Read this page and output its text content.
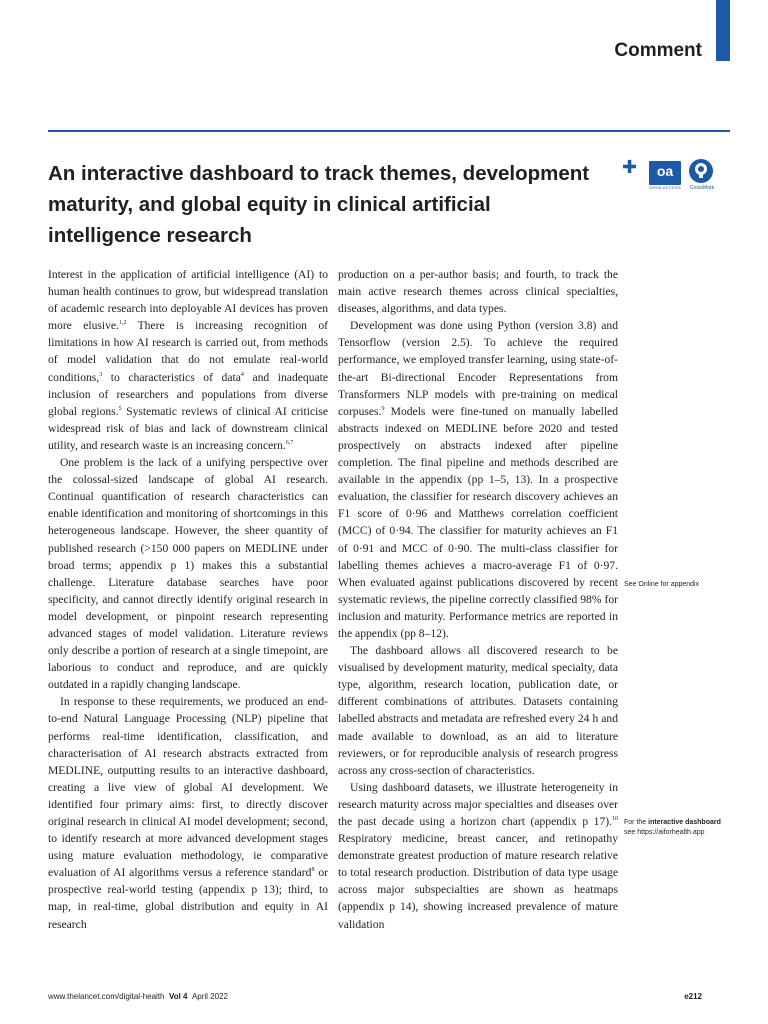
Comment
An interactive dashboard to track themes, development maturity, and global equity in clinical artificial intelligence research
✚	oa
OPEN ACCESS	CrossMark

Interest in the application of artificial intelligence (AI) to human health continues to grow, but widespread translation of academic research into deployable AI devices has proven more elusive.$^{1,2}$ There is increasing recognition of limitations in how AI research is carried out, from methods of model validation that do not emulate real-world conditions,$^3$ to characteristics of data$^4$ and inadequate inclusion of researchers and populations from diverse global regions.$^5$ Systematic reviews of clinical AI criticise widespread risk of bias and lack of downstream clinical utility, and research waste is an increasing concern.$^{6,7}$

One problem is the lack of a unifying perspective over the colossal-sized landscape of global AI research. Continual quantification of research characteristics can enable identification and monitoring of shortcomings in this heterogeneous landscape. However, the sheer quantity of published research (>150 000 papers on MEDLINE under broad terms; appendix p 1) makes this a substantial challenge. Literature database searches have poor specificity, and cannot directly identify original research in model development, or pinpoint research representing advanced stages of model validation. Literature reviews only describe a portion of research at a single timepoint, are laborious to conduct and reproduce, and are quickly outdated in a rapidly changing landscape.

In response to these requirements, we produced an end-to-end Natural Language Processing (NLP) pipeline that performs real-time identification, classification, and characterisation of AI research abstracts extracted from MEDLINE, outputting results to an interactive dashboard, creating a live view of global AI development. We identified four primary aims: first, to directly discover original research in clinical AI model development; second, to identify research at more advanced development stages using mature evaluation methodology, ie comparative evaluation of AI algorithms versus a reference standard$^8$ or prospective real-world testing (appendix p 13); third, to map, in real-time, global distribution and equity in AI research

production on a per-author basis; and fourth, to track the main active research themes across clinical specialties, diseases, algorithms, and data types.

Development was done using Python (version 3.8) and Tensorflow (version 2.5). To achieve the required performance, we employed transfer learning, using state-of-the-art Bi-directional Encoder Representations from Transformers NLP models with pre-training on medical corpuses.$^9$ Models were fine-tuned on manually labelled abstracts indexed on MEDLINE before 2020 and tested prospectively on abstracts indexed after pipeline completion. The final pipeline and methods described are available in the appendix (pp 1–5, 13). In a prospective evaluation, the classifier for research discovery achieves an F1 score of 0·96 and Matthews correlation coefficient (MCC) of 0·94. The classifier for maturity achieves an F1 of 0·91 and MCC of 0·90. The multi-class classifier for labelling themes achieves a macro-average F1 of 0·97. When evaluated against publications discovered by recent systematic reviews, the pipeline correctly classified 98% for inclusion and maturity. Performance metrics are reported in the appendix (pp 8–12).

The dashboard allows all discovered research to be visualised by development maturity, medical specialty, data type, algorithm, research location, publication date, or different combinations of attributes. Datasets containing labelled abstracts and metadata are refreshed every 24 h and made available to download, as an aid to literature reviewers, or for reproducible analysis of research progress across any cross-section of characteristics.

Using dashboard datasets, we illustrate heterogeneity in research maturity across major specialties and diseases over the past decade using a horizon chart (appendix p 17).$^{10}$ Respiratory medicine, breast cancer, and retinopathy demonstrate greatest production of mature research relative to total research production. Distribution of data type usage across major subspecialties are shown as heatmaps (appendix p 14), showing increased prevalence of mature validation

See Online for appendix
For the interactive dashboard
see https://aiforhealth.app
www.thelancet.com/digital-health Vol 4 April 2022	e212
